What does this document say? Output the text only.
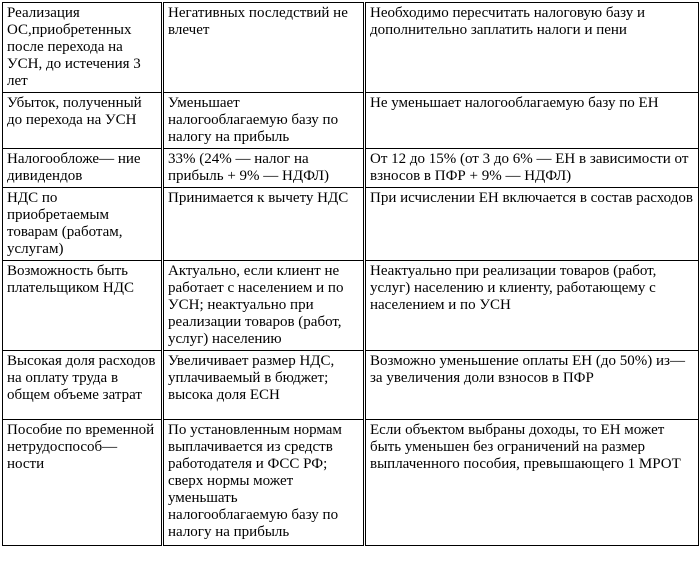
Реализация ОС,приобретенных после перехода на УСН, до истечения 3 лет	Негативных последствий не влечет	Необходимо пересчитать налоговую базу и дополнительно заплатить налоги и пени
Убыток, полученный до перехода на УСН	Уменьшает налогооблагаемую базу по налогу на прибыль	Не уменьшает налогооблагаемую базу по ЕН
Налогообложе— ние дивидендов	33% (24% — налог на прибыль + 9% — НДФЛ)	От 12 до 15% (от 3 до 6% — ЕН в зависимости от взносов в ПФР + 9% — НДФЛ)
НДС по приобретаемым товарам (работам, услугам)	Принимается к вычету НДС	При исчислении ЕН включается в состав расходов
Возможность быть плательщиком НДС	Актуально, если клиент не работает с населением и по УСН; неактуально при реализации товаров (работ, услуг) населению	Неактуально при реализации товаров (работ, услуг) населению и клиенту, работающему с населением и по УСН
Высокая доля расходов на оплату труда в общем объеме затрат	Увеличивает размер НДС, уплачиваемый в бюджет; высока доля ЕСН	Возможно уменьшение оплаты ЕН (до 50%) из— за увеличения доли взносов в ПФР
Пособие по временной нетрудоспособ— ности	По установленным нормам выплачивается из средств работодателя и ФСС РФ; сверх нормы может уменьшать налогооблагаемую базу по налогу на прибыль	Если объектом выбраны доходы, то ЕН может быть уменьшен без ограничений на размер выплаченного пособия, превышающего 1 МРОТ
